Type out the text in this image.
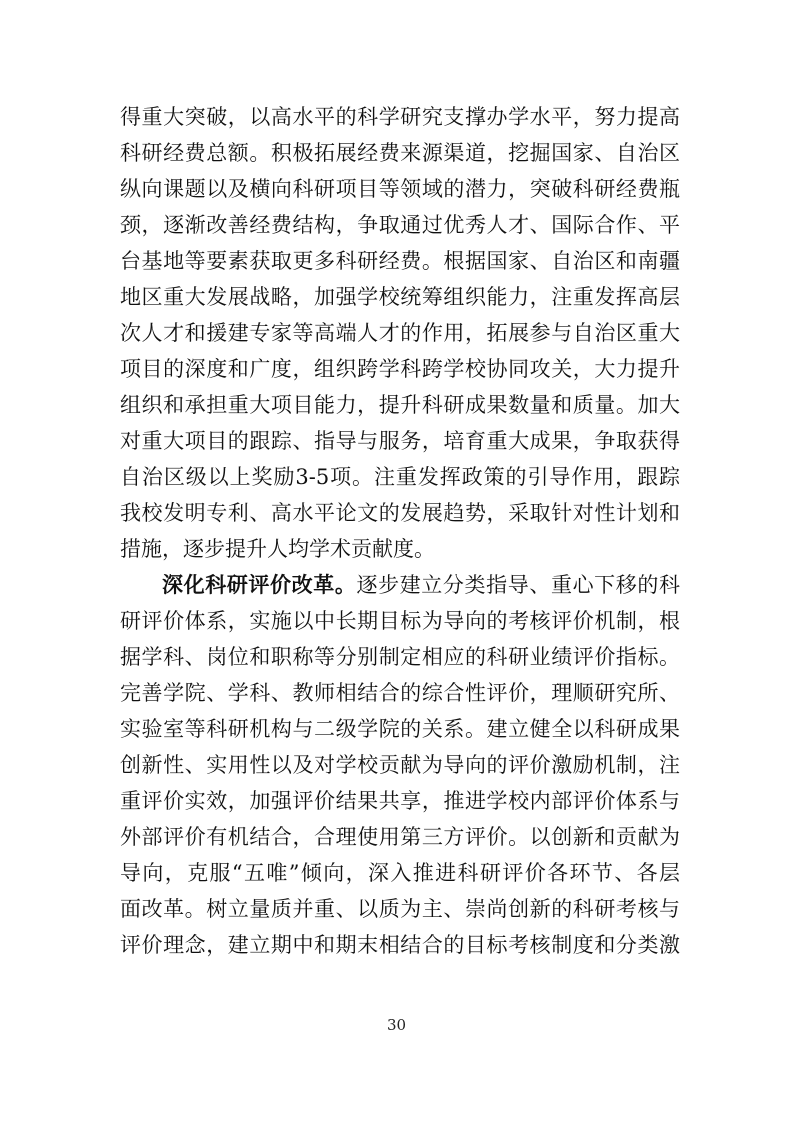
得重大突破，以高水平的科学研究支撑办学水平，努力提高
科研经费总额。积极拓展经费来源渠道，挖掘国家、自治区
纵向课题以及横向科研项目等领域的潜力，突破科研经费瓶
颈，逐渐改善经费结构，争取通过优秀人才、国际合作、平
台基地等要素获取更多科研经费。根据国家、自治区和南疆
地区重大发展战略，加强学校统筹组织能力，注重发挥高层
次人才和援建专家等高端人才的作用，拓展参与自治区重大
项目的深度和广度，组织跨学科跨学校协同攻关，大力提升
组织和承担重大项目能力，提升科研成果数量和质量。加大
对重大项目的跟踪、指导与服务，培育重大成果，争取获得
自治区级以上奖励3-5项。注重发挥政策的引导作用，跟踪
我校发明专利、高水平论文的发展趋势，采取针对性计划和
措施，逐步提升人均学术贡献度。
深化科研评价改革。逐步建立分类指导、重心下移的科
研评价体系，实施以中长期目标为导向的考核评价机制，根
据学科、岗位和职称等分别制定相应的科研业绩评价指标。
完善学院、学科、教师相结合的综合性评价，理顺研究所、
实验室等科研机构与二级学院的关系。建立健全以科研成果
创新性、实用性以及对学校贡献为导向的评价激励机制，注
重评价实效，加强评价结果共享，推进学校内部评价体系与
外部评价有机结合，合理使用第三方评价。以创新和贡献为
导向，克服“五唯”倾向，深入推进科研评价各环节、各层
面改革。树立量质并重、以质为主、崇尚创新的科研考核与
评价理念，建立期中和期末相结合的目标考核制度和分类激
30
